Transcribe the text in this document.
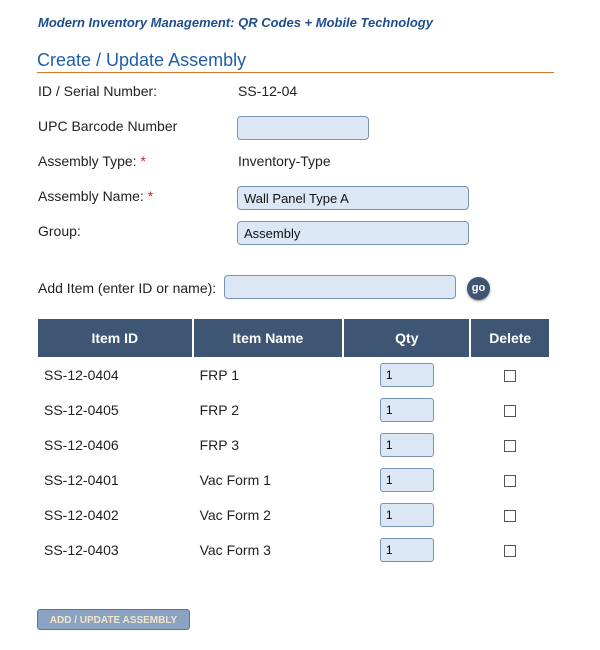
Modern Inventory Management: QR Codes + Mobile Technology
Create / Update Assembly
ID / Serial Number:	SS-12-04
UPC Barcode Number
Assembly Type: *	Inventory-Type
Assembly Name: *
Wall Panel Type A
Group:
Assembly
Add Item (enter ID or name):	go
Item ID	Item Name	Qty	Delete
SS-12-0404	FRP 1	1	
SS-12-0405	FRP 2	1	
SS-12-0406	FRP 3	1	
SS-12-0401	Vac Form 1	1	
SS-12-0402	Vac Form 2	1	
SS-12-0403	Vac Form 3	1	
ADD / UPDATE ASSEMBLY
